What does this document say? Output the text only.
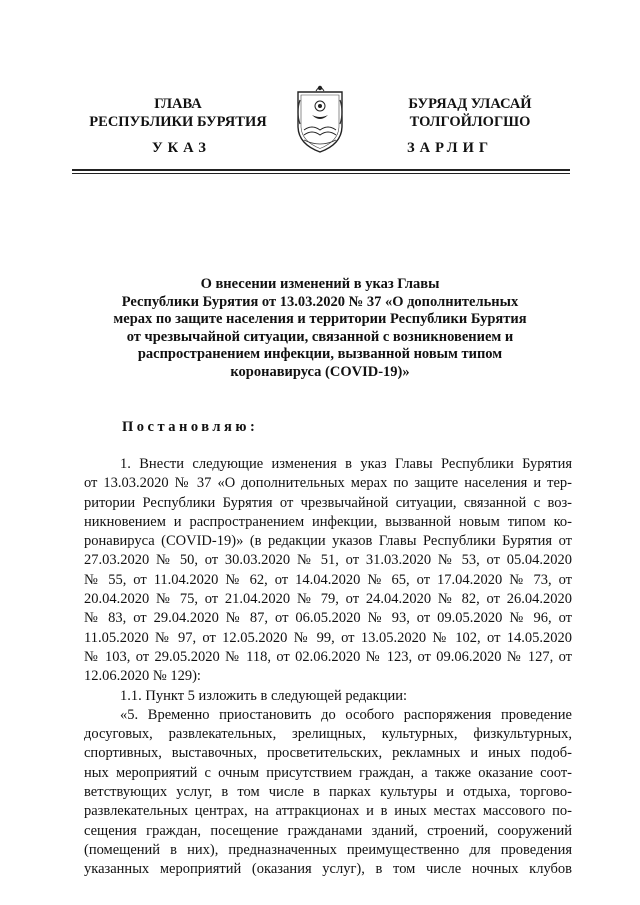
ГЛАВА
РЕСПУБЛИКИ БУРЯТИЯ
БУРЯАД УЛАСАЙ
ТОЛГОЙЛОГШО
УКАЗ	ЗАРЛИГ
О внесении изменений в указ Главы
Республики Бурятия от 13.03.2020 № 37 «О дополнительных
мерах по защите населения и территории Республики Бурятия
от чрезвычайной ситуации, связанной с возникновением и
распространением инфекции, вызванной новым типом
коронавируса (COVID-19)»
Постановляю:
1. Внести следующие изменения в указ Главы Республики Бурятия
от 13.03.2020 № 37 «О дополнительных мерах по защите населения и тер-
ритории Республики Бурятия от чрезвычайной ситуации, связанной с воз-
никновением и распространением инфекции, вызванной новым типом ко-
ронавируса (COVID-19)» (в редакции указов Главы Республики Бурятия от
27.03.2020 № 50, от 30.03.2020 № 51, от 31.03.2020 № 53, от 05.04.2020
№ 55, от 11.04.2020 № 62, от 14.04.2020 № 65, от 17.04.2020 № 73, от
20.04.2020 № 75, от 21.04.2020 № 79, от 24.04.2020 № 82, от 26.04.2020
№ 83, от 29.04.2020 № 87, от 06.05.2020 № 93, от 09.05.2020 № 96, от
11.05.2020 № 97, от 12.05.2020 № 99, от 13.05.2020 № 102, от 14.05.2020
№ 103, от 29.05.2020 № 118, от 02.06.2020 № 123, от 09.06.2020 № 127, от
12.06.2020 № 129):
1.1. Пункт 5 изложить в следующей редакции:
«5. Временно приостановить до особого распоряжения проведение
досуговых, развлекательных, зрелищных, культурных, физкультурных,
спортивных, выставочных, просветительских, рекламных и иных подоб-
ных мероприятий с очным присутствием граждан, а также оказание соот-
ветствующих услуг, в том числе в парках культуры и отдыха, торгово-
развлекательных центрах, на аттракционах и в иных местах массового по-
сещения граждан, посещение гражданами зданий, строений, сооружений
(помещений в них), предназначенных преимущественно для проведения
указанных мероприятий (оказания услуг), в том числе ночных клубов
